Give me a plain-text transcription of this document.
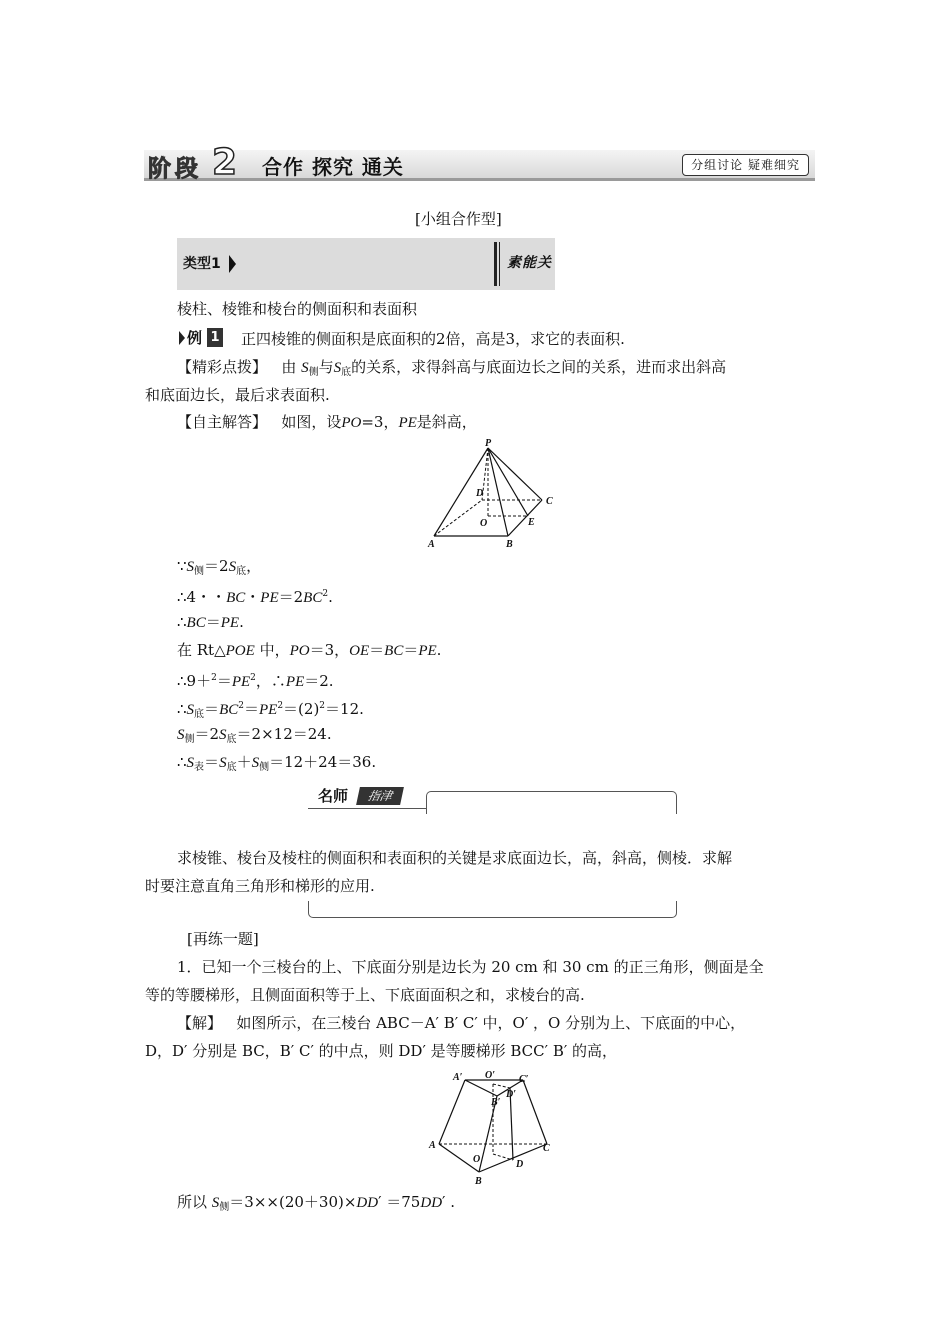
阶段 2 合作 探究 通关	分组讨论 疑难细究
[小组合作型]
类型1	素能关
棱柱、棱锥和棱台的侧面积和表面积
例 1 正四棱锥的侧面积是底面积的2倍，高是3，求它的表面积.
【精彩点拨】 由 $S_侧$与$S_底$的关系，求得斜高与底面边长之间的关系，进而求出斜高
和底面边长，最后求表面积.
【自主解答】 如图，设PO=3，PE是斜高，
P
D
C
O	E
A	B
$\because S_侧=2S_底$，
∴4・・BC・$PE=2BC^2$.
∴BC＝PE.
在 Rt△POE 中，PO＝3，OE＝BC＝PE.
$\therefore 9+^2=PE^2$，∴PE＝2.
$\therefore S_底=BC^2=PE^2=(2)^2=12$.
$S_侧=2S_底=2\times 12=24$.
$\therefore S_表=S_底+S_侧=12+24=36$.
名师	指津
求棱锥、棱台及棱柱的侧面积和表面积的关键是求底面边长，高，斜高，侧棱．求解
时要注意直角三角形和梯形的应用.
[再练一题]
1．已知一个三棱台的上、下底面分别是边长为 20 cm 和 30 cm 的正三角形，侧面是全
等的等腰梯形，且侧面面积等于上、下底面面积之和，求棱台的高.
【解】 如图所示，在三棱台 ABC－A′ B′ C′ 中，O′ ，O 分别为上、下底面的中心，
D，D′ 分别是 BC，B′ C′ 的中点，则 DD′ 是等腰梯形 BCC′ B′ 的高，
A′ O′ C′
B′
D′
A	C
O	D
B
所以 $S_侧=3\times\times(20+30)\times DD' =75DD'$ .
